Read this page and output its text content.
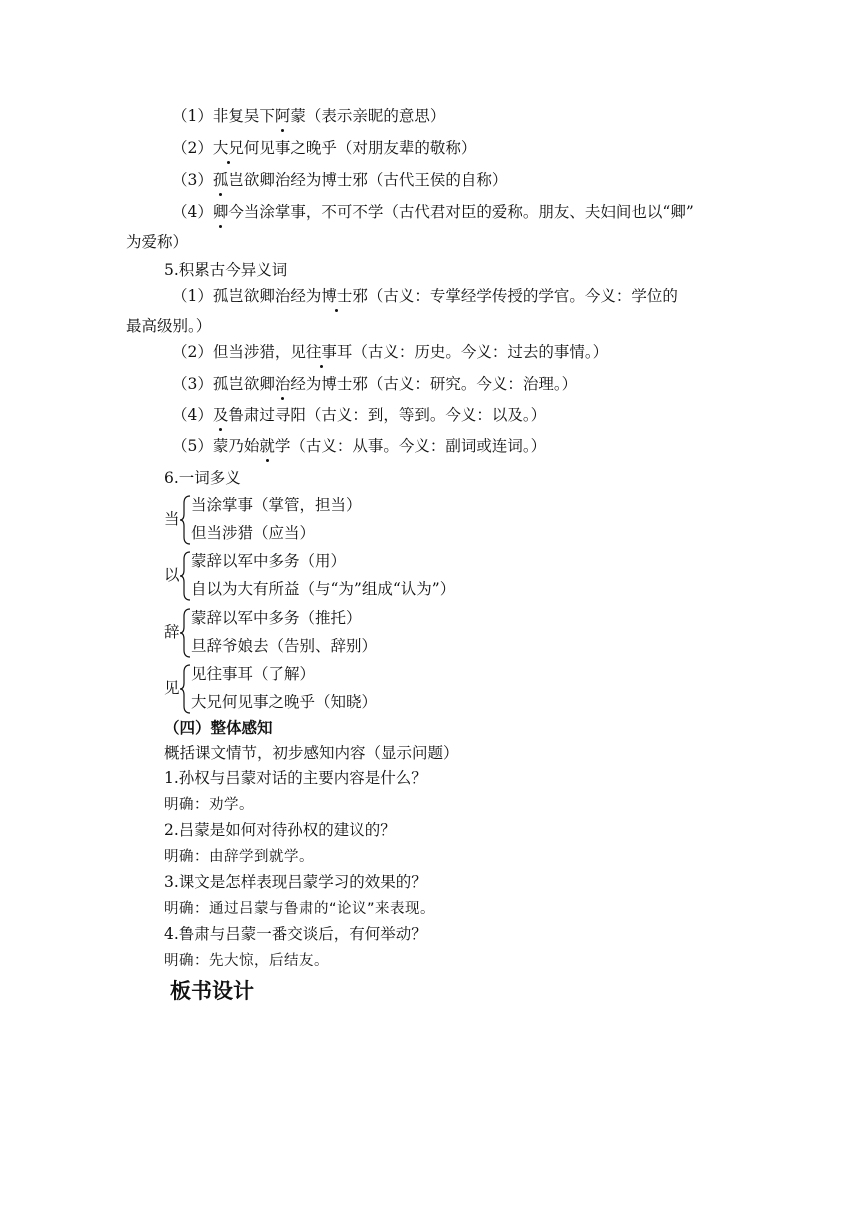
（1）非复吴下阿蒙（表示亲昵的意思）
（2）大兄何见事之晚乎（对朋友辈的敬称）
（3）孤岂欲卿治经为博士邪（古代王侯的自称）
（4）卿今当涂掌事，不可不学（古代君对臣的爱称。朋友、夫妇间也以“卿”
为爱称）
5.积累古今异义词
（1）孤岂欲卿治经为博士邪（古义：专掌经学传授的学官。今义：学位的
最高级别。）
（2）但当涉猎，见往事耳（古义：历史。今义：过去的事情。）
（3）孤岂欲卿治经为博士邪（古义：研究。今义：治理。）
（4）及鲁肃过寻阳（古义：到，等到。今义：以及。）
（5）蒙乃始就学（古义：从事。今义：副词或连词。）
6.一词多义
当
当涂掌事（掌管，担当）
但当涉猎（应当）
以
蒙辞以军中多务（用）
自以为大有所益（与“为”组成“认为”）
辞
蒙辞以军中多务（推托）
旦辞爷娘去（告别、辞别）
见
见往事耳（了解）
大兄何见事之晚乎（知晓）
（四）整体感知
概括课文情节，初步感知内容（显示问题）
1.孙权与吕蒙对话的主要内容是什么？
明确：劝学。
2.吕蒙是如何对待孙权的建议的？
明确：由辞学到就学。
3.课文是怎样表现吕蒙学习的效果的？
明确：通过吕蒙与鲁肃的“论议”来表现。
4.鲁肃与吕蒙一番交谈后，有何举动？
明确：先大惊，后结友。
板书设计
